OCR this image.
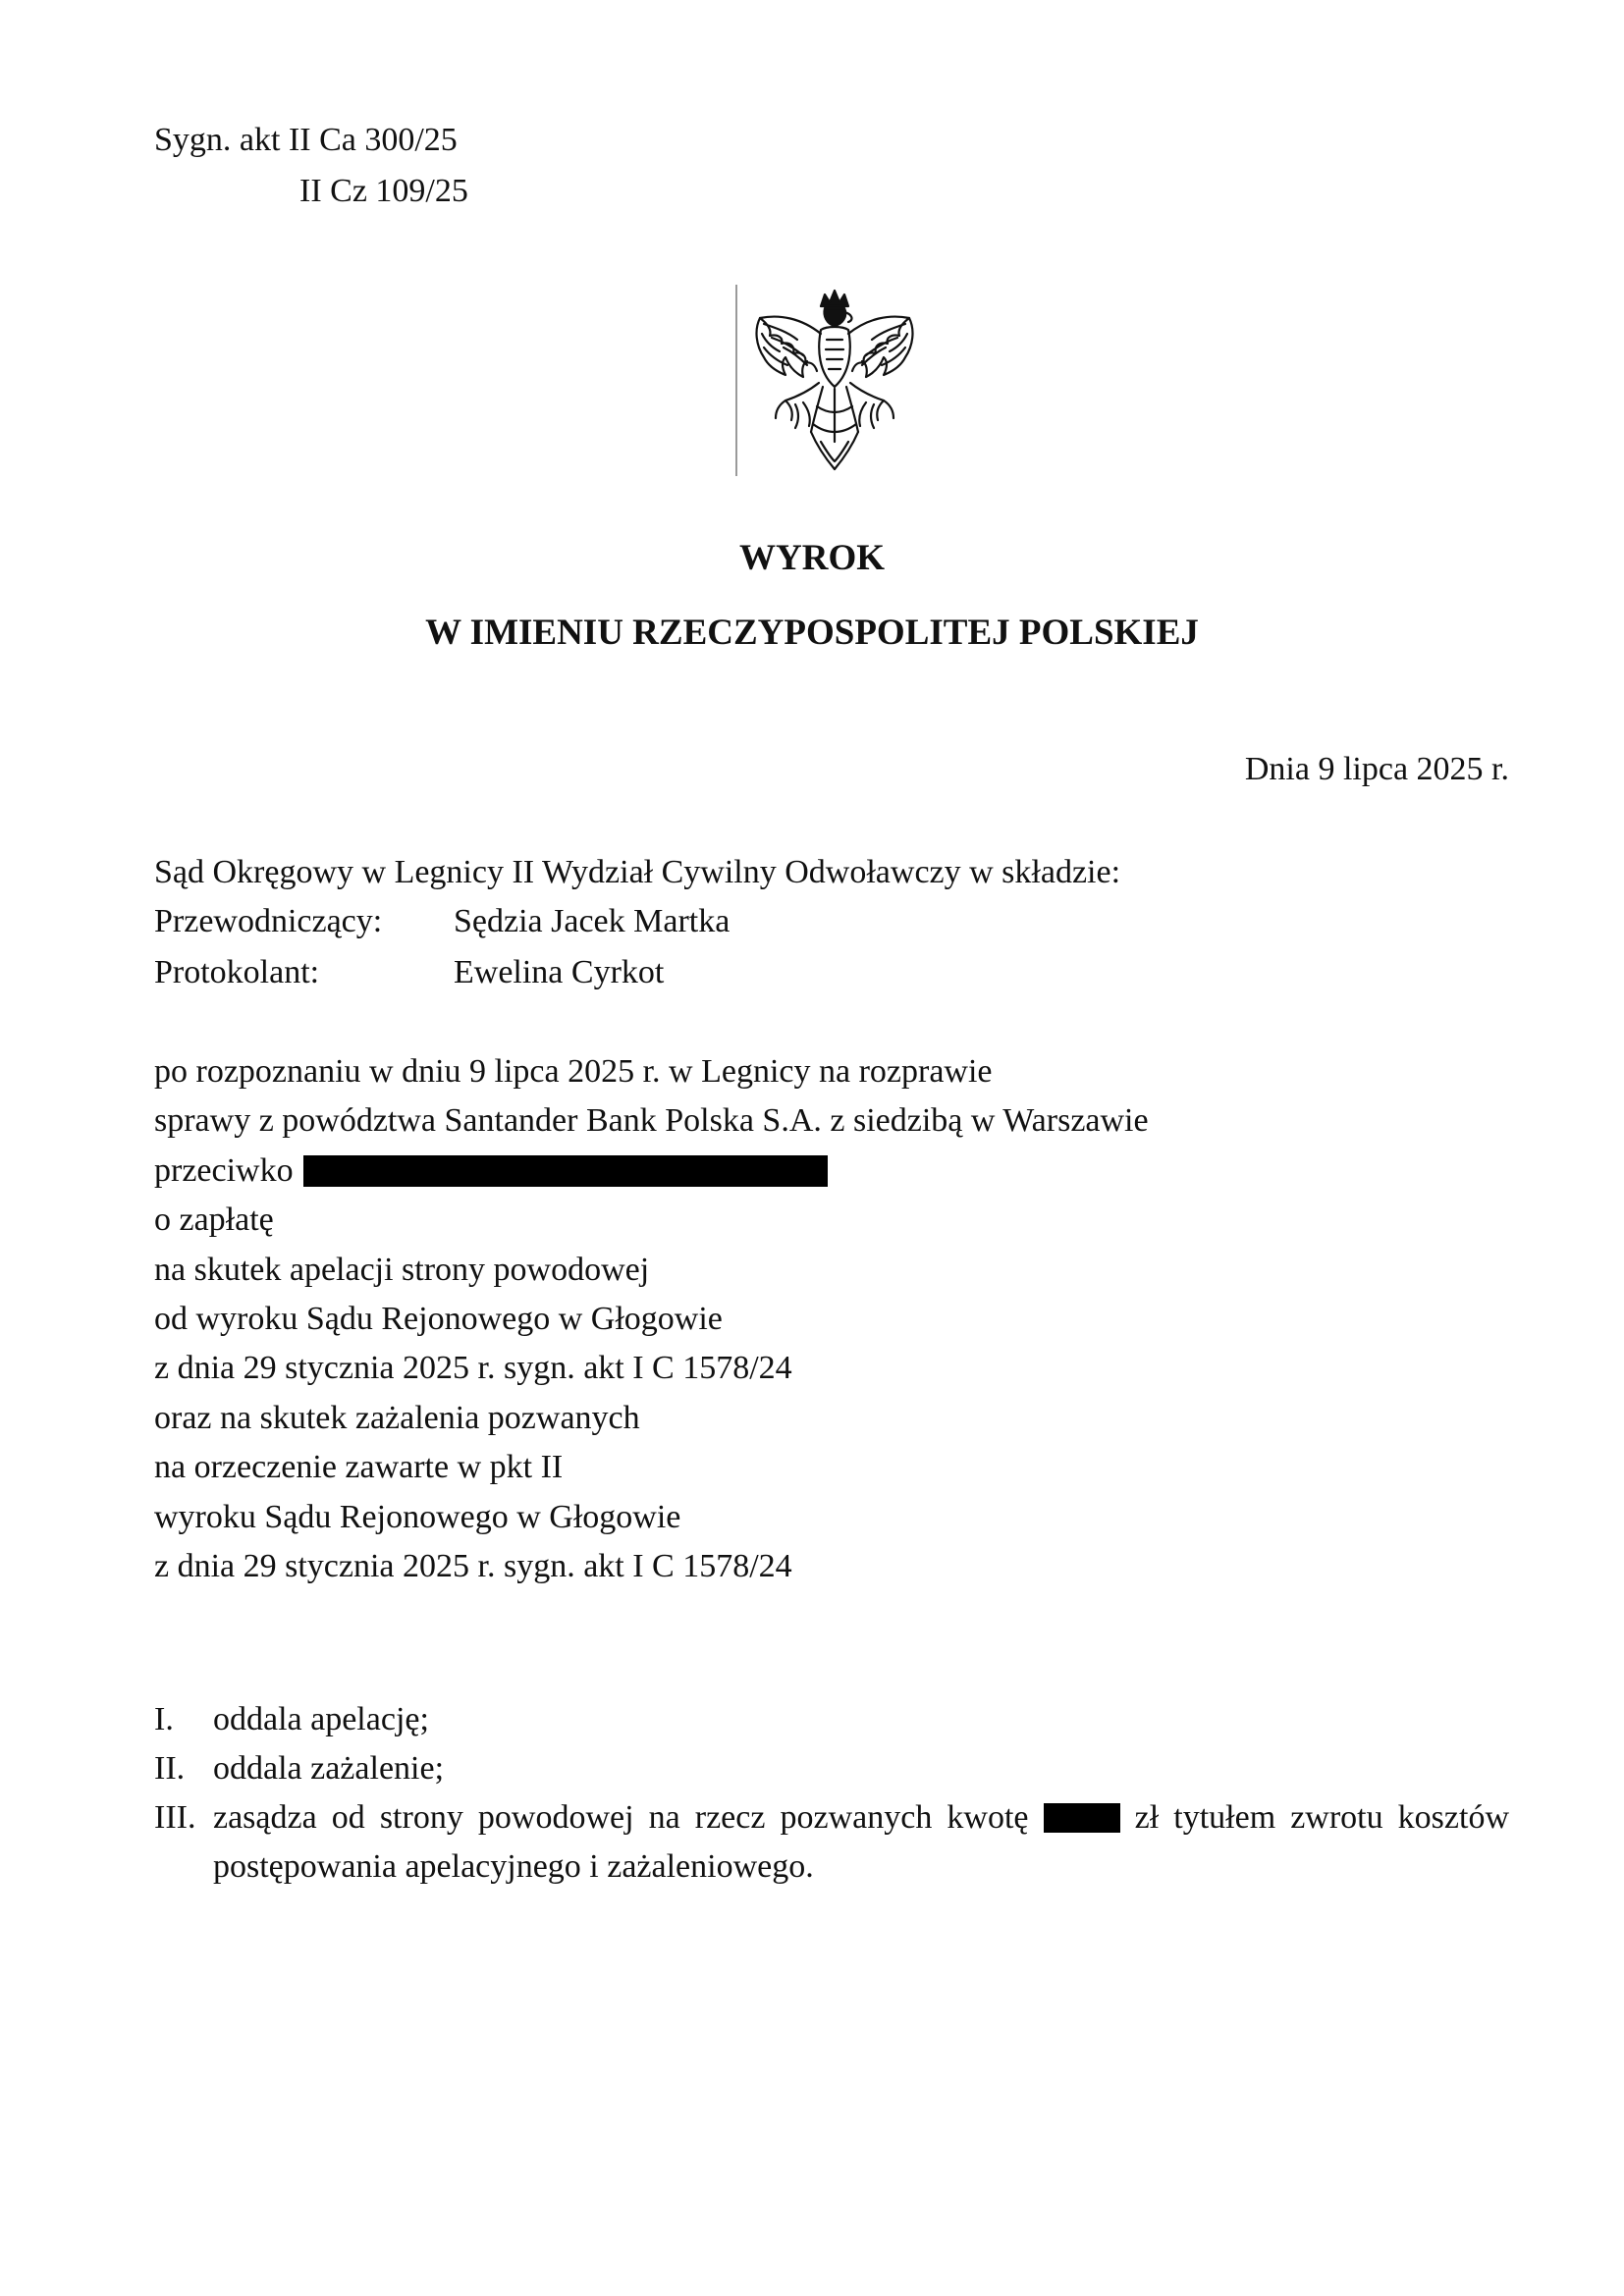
Sygn. akt II Ca 300/25
II Cz 109/25
WYROK
W IMIENIU RZECZYPOSPOLITEJ POLSKIEJ
Dnia 9 lipca 2025 r.
Sąd Okręgowy w Legnicy II Wydział Cywilny Odwoławczy w składzie:
Przewodniczący: Sędzia Jacek Martka
Protokolant:	Ewelina Cyrkot
po rozpoznaniu w dniu 9 lipca 2025 r. w Legnicy na rozprawie
sprawy z powództwa Santander Bank Polska S.A. z siedzibą w Warszawie
przeciwko
o zapłatę
na skutek apelacji strony powodowej
od wyroku Sądu Rejonowego w Głogowie
z dnia 29 stycznia 2025 r. sygn. akt I C 1578/24
oraz na skutek zażalenia pozwanych
na orzeczenie zawarte w pkt II
wyroku Sądu Rejonowego w Głogowie
z dnia 29 stycznia 2025 r. sygn. akt I C 1578/24
I. oddala apelację;
II. oddala zażalenie;
III. zasądza od strony powodowej na rzecz pozwanych kwotę	zł tytułem zwrotu kosztów postępowania apelacyjnego i zażaleniowego.
